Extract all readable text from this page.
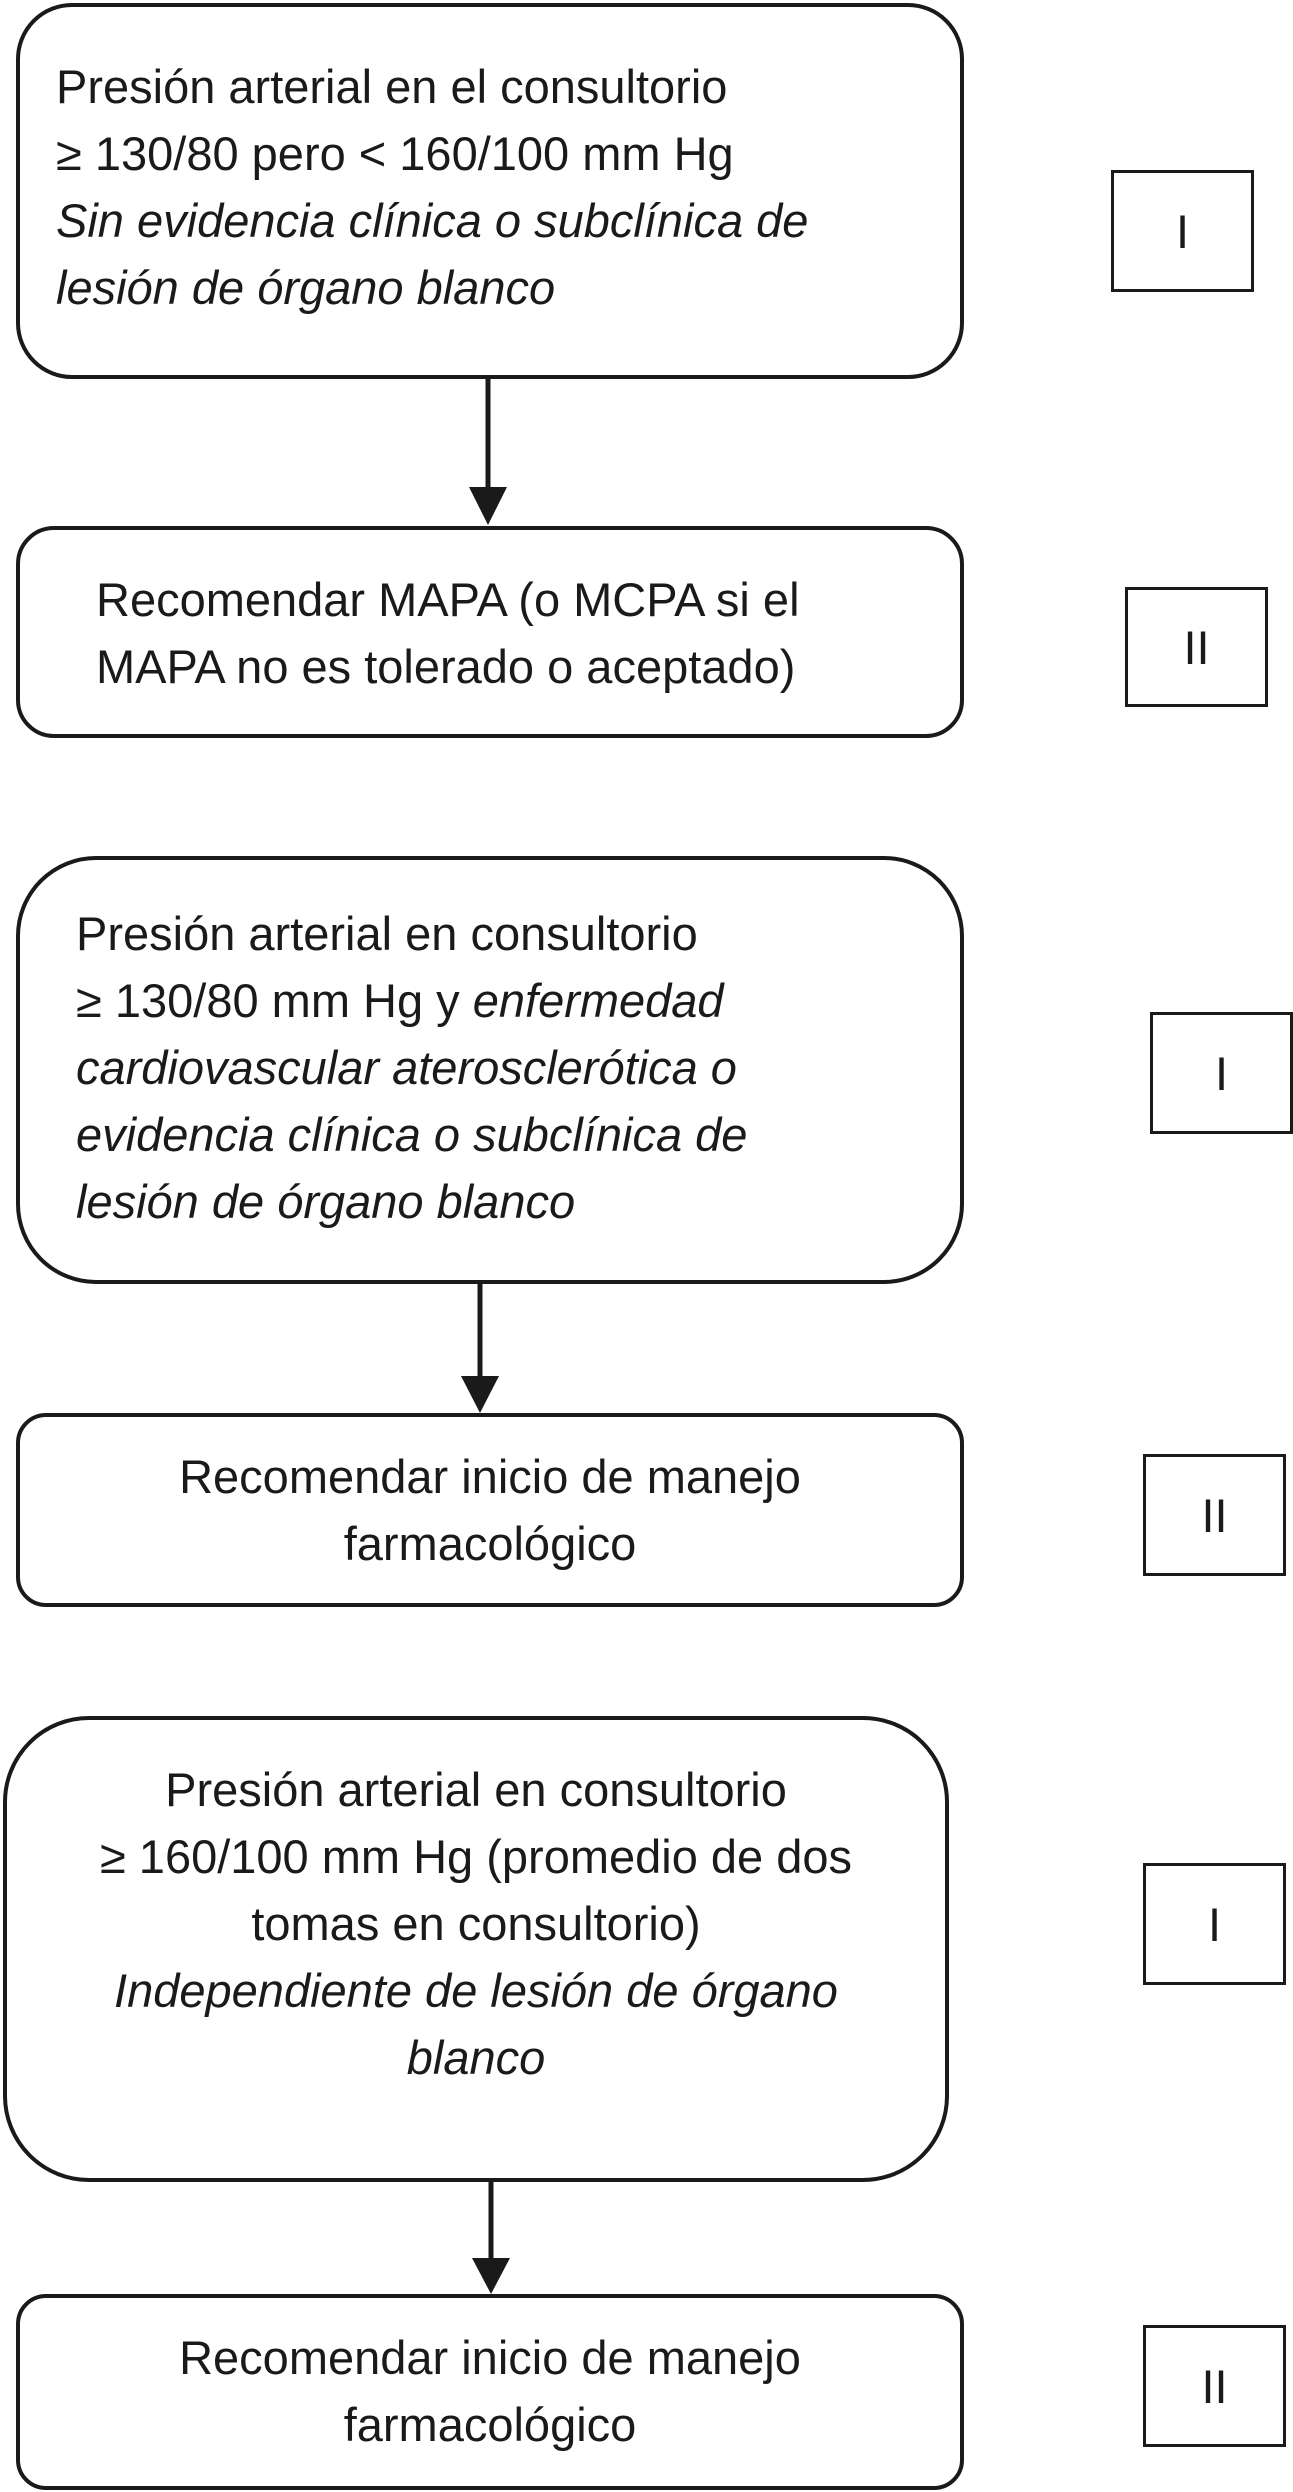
Presión arterial en el consultorio
≥ 130/80 pero < 160/100 mm Hg
Sin evidencia clínica o subclínica de
lesión de órgano blanco
I
Recomendar MAPA (o MCPA si el
MAPA no es tolerado o aceptado)	II
Presión arterial en consultorio
≥ 130/80 mm Hg y enfermedad
cardiovascular aterosclerótica o
evidencia clínica o subclínica de
lesión de órgano blanco
I
Recomendar inicio de manejo
farmacológico
II
Presión arterial en consultorio
≥ 160/100 mm Hg (promedio de dos
tomas en consultorio)
Independiente de lesión de órgano
blanco
I
Recomendar inicio de manejo
farmacológico
II
